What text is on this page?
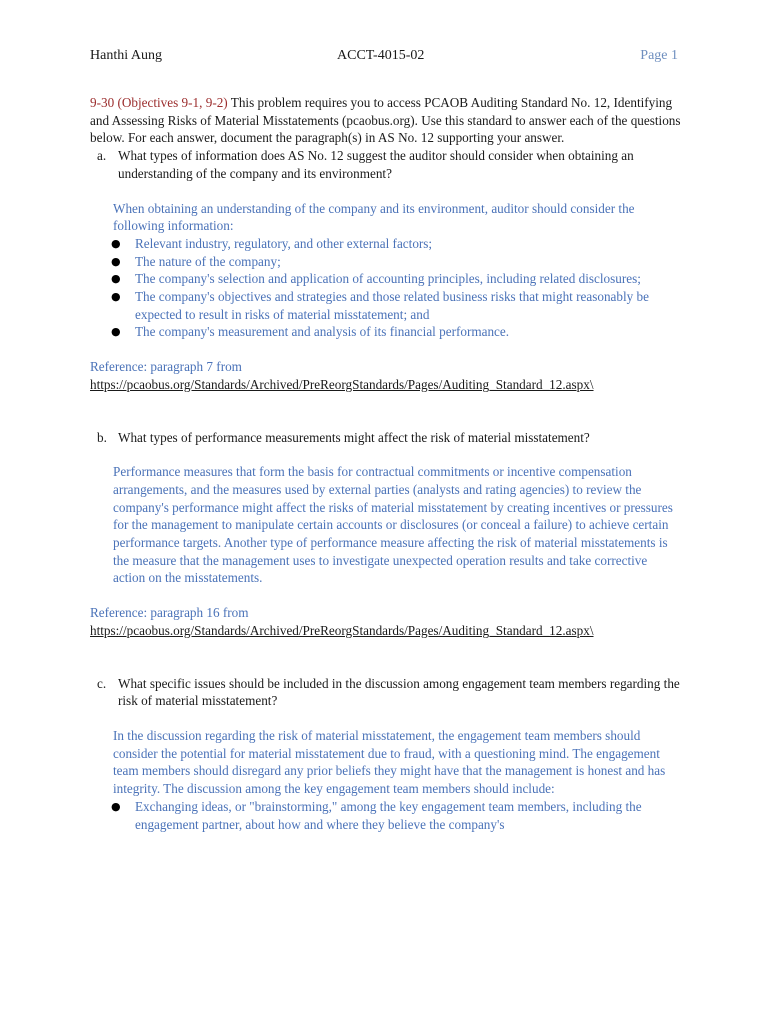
Hanthi Aung	ACCT-4015-02	Page 1

9-30 (Objectives 9-1, 9-2) This problem requires you to access PCAOB Auditing Standard No. 12, Identifying and Assessing Risks of Material Misstatements (pcaobus.org). Use this standard to answer each of the questions below. For each answer, document the paragraph(s) in AS No. 12 supporting your answer.

a. What types of information does AS No. 12 suggest the auditor should consider when obtaining an understanding of the company and its environment?

When obtaining an understanding of the company and its environment, auditor should consider the following information:

● Relevant industry, regulatory, and other external factors;
● The nature of the company;
● The company's selection and application of accounting principles, including related disclosures;
● The company's objectives and strategies and those related business risks that might reasonably be expected to result in risks of material misstatement; and
● The company's measurement and analysis of its financial performance.

Reference: paragraph 7 from

https://pcaobus.org/Standards/Archived/PreReorgStandards/Pages/Auditing_Standard_12.aspx\

b. What types of performance measurements might affect the risk of material misstatement?

Performance measures that form the basis for contractual commitments or incentive compensation arrangements, and the measures used by external parties (analysts and rating agencies) to review the company's performance might affect the risks of material misstatement by creating incentives or pressures for the management to manipulate certain accounts or disclosures (or conceal a failure) to achieve certain performance targets. Another type of performance measure affecting the risk of material misstatements is the measure that the management uses to investigate unexpected operation results and take corrective action on the misstatements.

Reference: paragraph 16 from

https://pcaobus.org/Standards/Archived/PreReorgStandards/Pages/Auditing_Standard_12.aspx\

c. What specific issues should be included in the discussion among engagement team members regarding the risk of material misstatement?

In the discussion regarding the risk of material misstatement, the engagement team members should consider the potential for material misstatement due to fraud, with a questioning mind. The engagement team members should disregard any prior beliefs they might have that the management is honest and has integrity. The discussion among the key engagement team members should include:

● Exchanging ideas, or "brainstorming," among the key engagement team members, including the engagement partner, about how and where they believe the company's
